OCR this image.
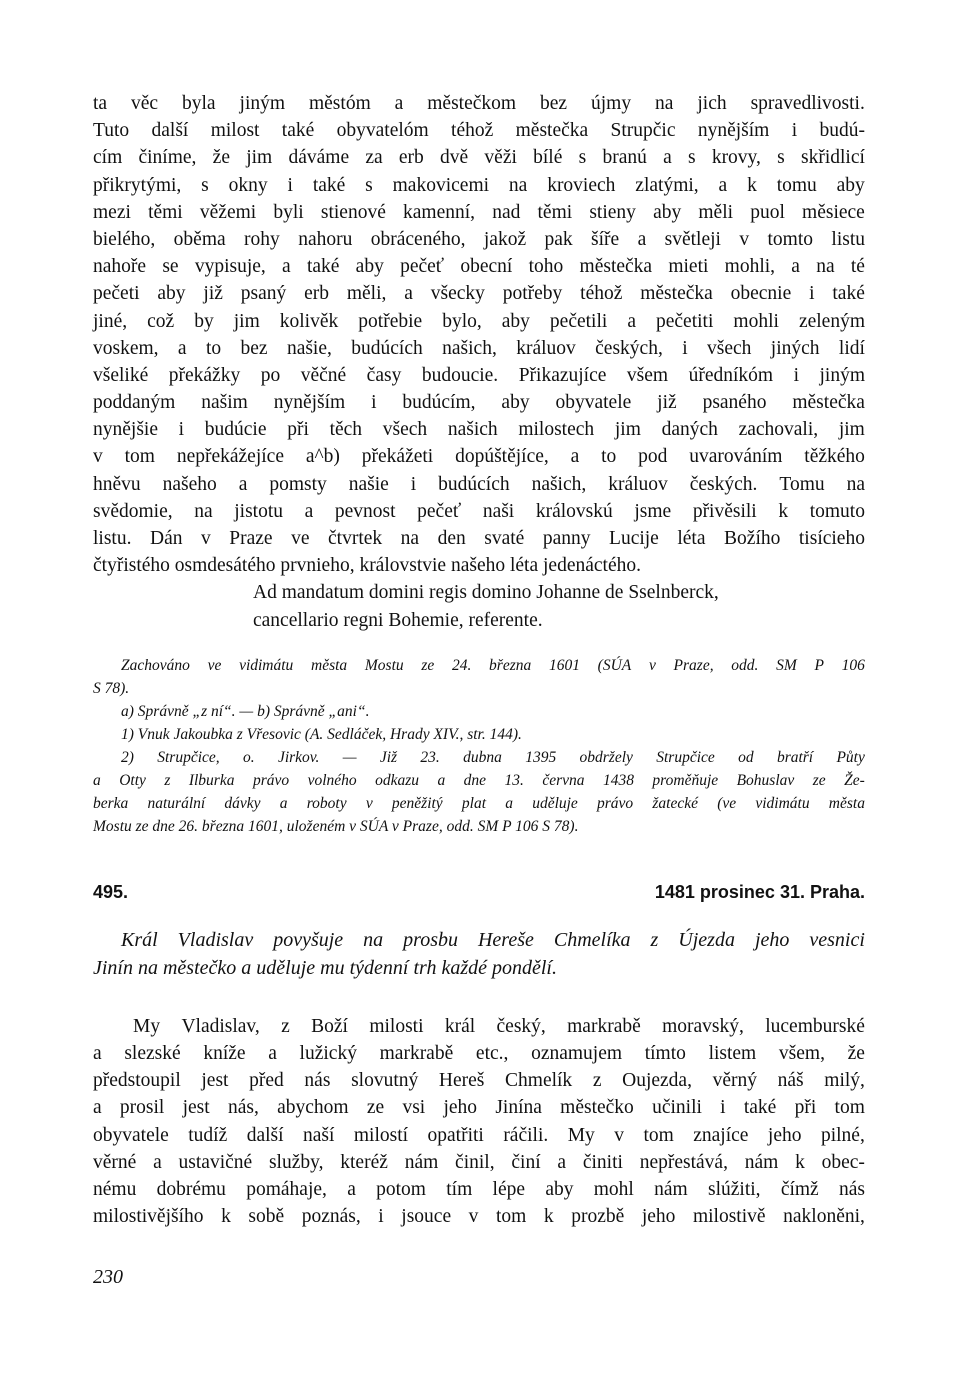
ta věc byla jiným městóm a městečkom bez újmy na jich spravedlivosti.
Tuto další milost také obyvatelóm téhož městečka Strupčic nynějším i budú-
cím činíme, že jim dáváme za erb dvě věži bílé s branú a s krovy, s skřidlicí
přikrytými, s okny i také s makovicemi na kroviech zlatými, a k tomu aby
mezi těmi věžemi byli stienové kamenní, nad těmi stieny aby měli puol měsiece
bieléhо, oběma rohy nahoru obráceného, jakož pak šíře a světleji v tomto listu
nahoře se vypisuje, a také aby pečeť obecní toho městečka mieti mohli, a na té
pečeti aby již psaný erb měli, a všecky potřeby téhož městečka obecnie i také
jiné, což by jim kolivěk potřebie bylo, aby pečetili a pečetiti mohli zeleným
voskem, a to bez našie, budúcích našich, králuov českých, i všech jiných lidí
všeliké překážky po věčné časy budoucie. Přikazujíce všem úředníkóm i jiným
poddaným našim nynějším i budúcím, aby obyvatele již psaného městečka
nynějšie i budúcie při těch všech našich milostech jim daných zachovali, jim
v tom nepřekážejíce a^b) překážeti dopúštějíce, a to pod uvarováním těžkého
hněvu našeho a pomsty našie i budúcích našich, králuov českých. Tomu na
svědomie, na jistotu a pevnost pečeť naši královskú jsme přivěsili k tomuto
listu. Dán v Praze ve čtvrtek na den svaté panny Lucije léta Božího tisícieho
čtyřistého osmdesátého prvnieho, královstvie našeho léta jedenáctého.
Ad mandatum domini regis domino Johanne de Sselnberck,
cancellario regni Bohemie, referente.
Zachováno ve vidimátu města Mostu ze 24. března 1601 (SÚA v Praze, odd. SM P 106
S 78).
a) Správně „z ní“. — b) Správně „ani“.
1) Vnuk Jakoubka z Vřesovic (A. Sedláček, Hrady XIV., str. 144).
2) Strupčice, o. Jirkov. — Již 23. dubna 1395 obdržely Strupčice od bratří Půty
a Otty z Ilburka právo volného odkazu a dne 13. června 1438 proměňuje Bohuslav ze Že-
berka naturální dávky a roboty v peněžitý plat a uděluje právo žatecké (ve vidimátu města
Mostu ze dne 26. března 1601, uloženém v SÚA v Praze, odd. SM P 106 S 78).
495.	1481 prosinec 31. Praha.
Král Vladislav povyšuje na prosbu Hereše Chmelíka z Újezda jeho vesnici
Jinín na městečko a uděluje mu týdenní trh každé pondělí.
My Vladislav, z Boží milosti král český, markrabě moravský, lucemburské
a slezské kníže a lužický markrabě etc., oznamujem tímto listem všem, že
předstoupil jest před nás slovutný Hereš Chmelík z Oujezda, věrný náš milý,
a prosil jest nás, abychom ze vsi jeho Jinína městečko učinili i také při tom
obyvatele tudíž další naší milostí opatřiti ráčili. My v tom znajíce jeho pilné,
věrné a ustavičné služby, kteréž nám činil, činí a činiti nepřestává, nám k obec-
nému dobrému pomáhaje, a potom tím lépe aby mohl nám slúžiti, čímž nás
milostivějšího k sobě poznás, i jsouce v tom k prozbě jeho milostivě nakloněni,
230
